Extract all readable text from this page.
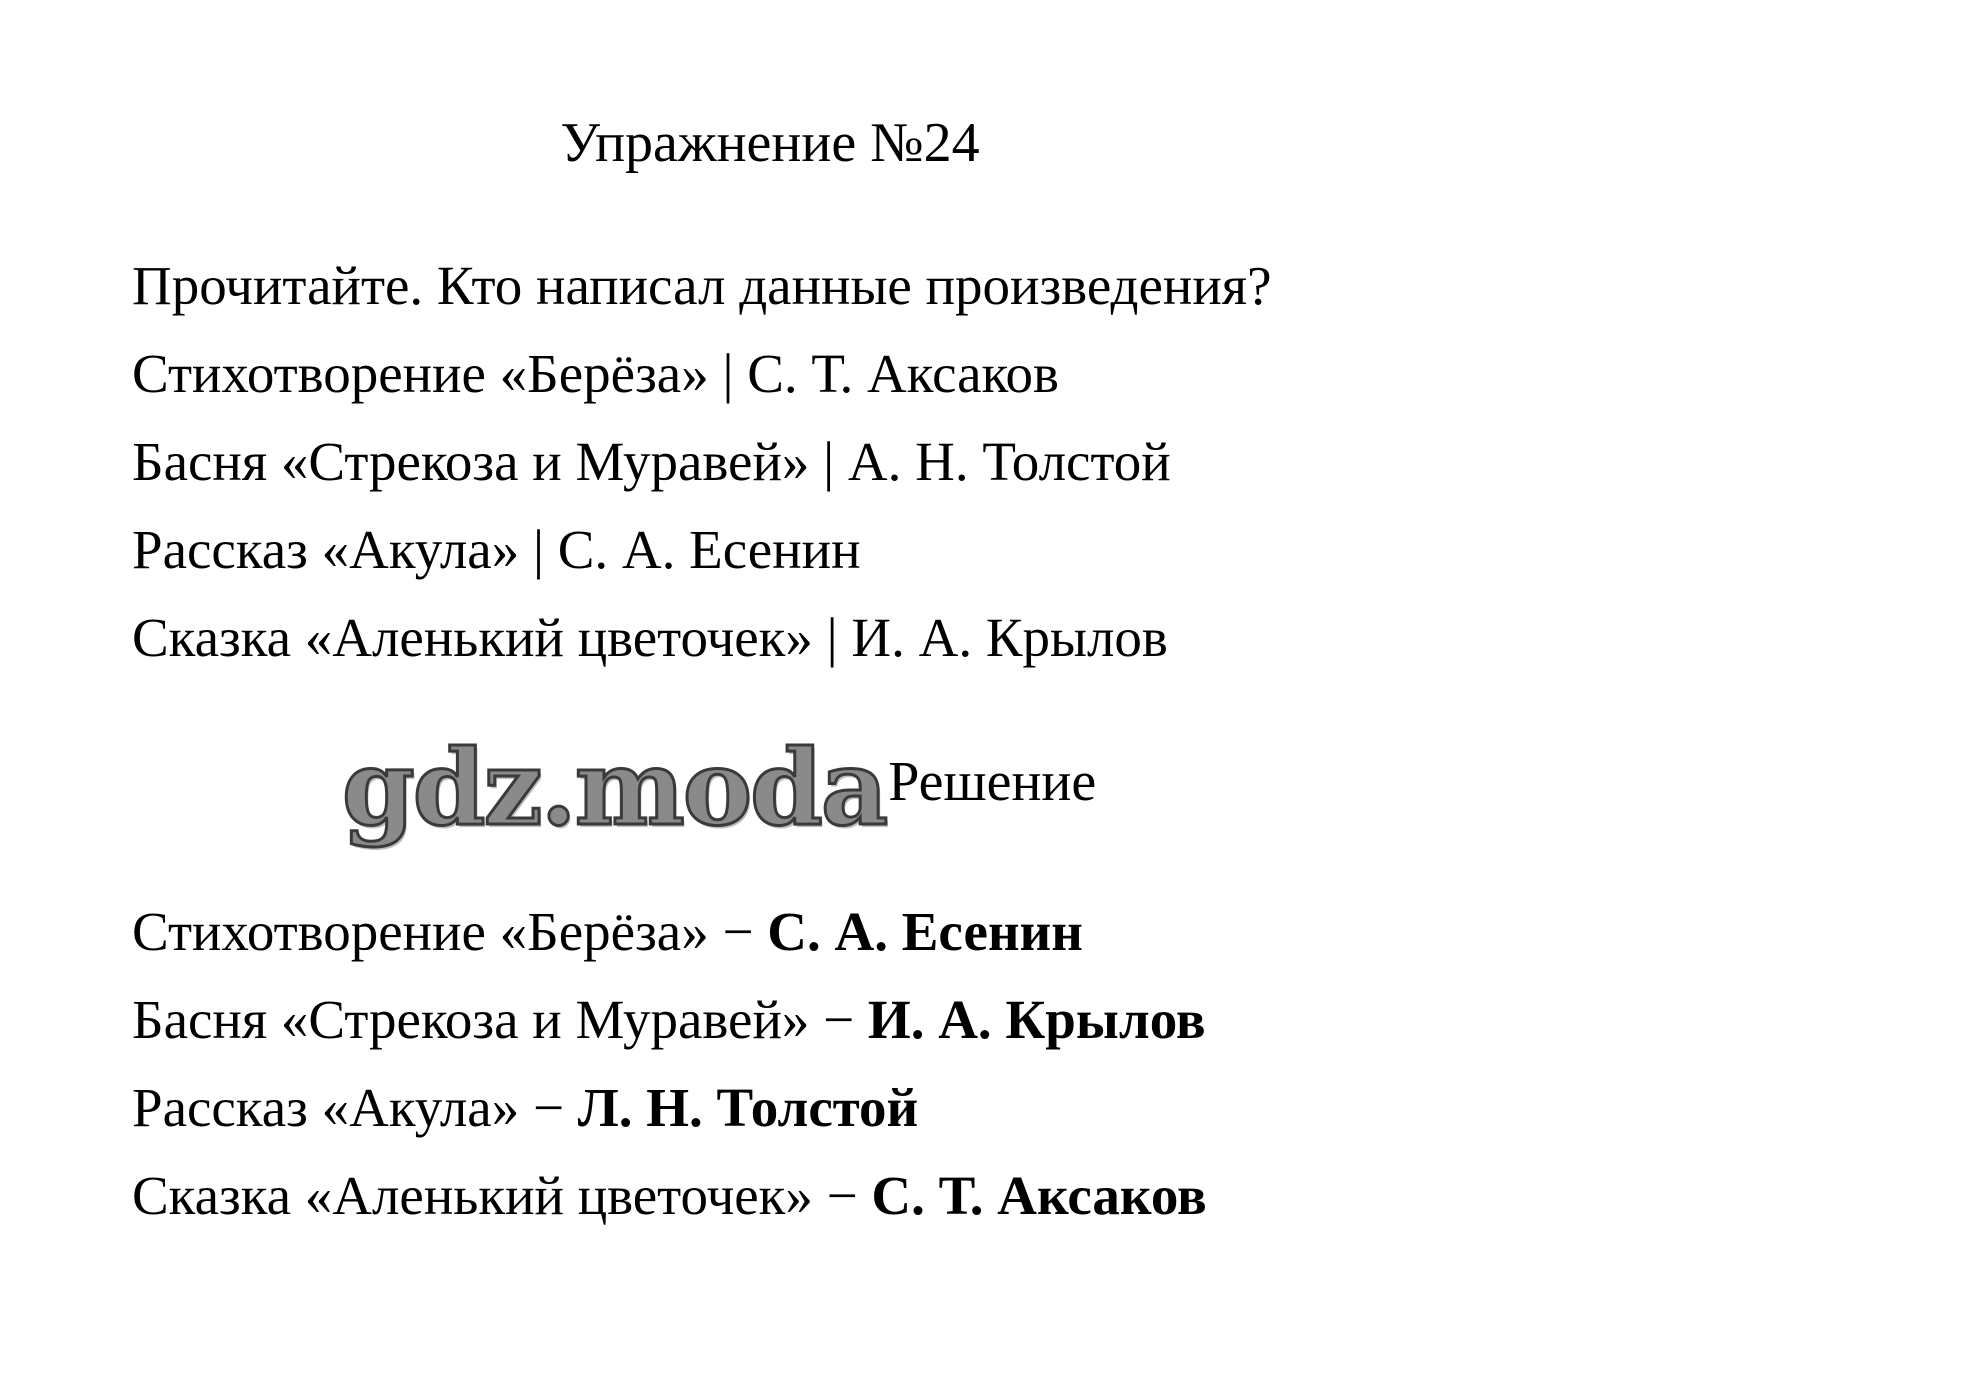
Упражнение №24

Прочитайте. Кто написал данные произведения?

Стихотворение «Берёза» | С. Т. Аксаков

Басня «Стрекоза и Муравей» | А. Н. Толстой

Рассказ «Акула» | С. А. Есенин

Сказка «Аленький цветочек» | И. А. Крылов

gdz.moda Решение

Стихотворение «Берёза» − С. А. Есенин

Басня «Стрекоза и Муравей» − И. А. Крылов

Рассказ «Акула» − Л. Н. Толстой

Сказка «Аленький цветочек» − С. Т. Аксаков
